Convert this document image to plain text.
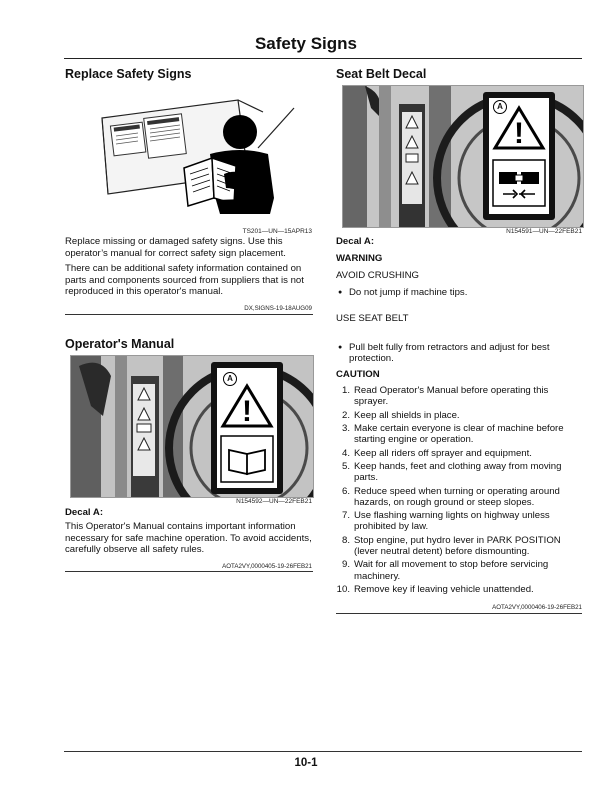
Safety Signs
Replace Safety Signs
TS201—UN—15APR13
Replace missing or damaged safety signs. Use this operator’s manual for correct safety sign placement.
There can be additional safety information contained on parts and components sourced from suppliers that is not reproduced in this operator's manual.
DX,SIGNS-19-18AUG09
Operator's Manual
!
A
N154592—UN—22FEB21
Decal A:
This Operator's Manual contains important information necessary for safe machine operation. To avoid accidents, carefully observe all safety rules.
AOTA2VY,0000405-19-26FEB21
Seat Belt Decal
!
A
N154591—UN—22FEB21
Decal A:
WARNING
AVOID CRUSHING
● Do not jump if machine tips.
USE SEAT BELT
● Pull belt fully from retractors and adjust for best protection.
CAUTION
1. Read Operator's Manual before operating this sprayer.
2. Keep all shields in place.
3. Make certain everyone is clear of machine before starting engine or operation.
4. Keep all riders off sprayer and equipment.
5. Keep hands, feet and clothing away from moving parts.
6. Reduce speed when turning or operating around hazards, on rough ground or steep slopes.
7. Use flashing warning lights on highway unless prohibited by law.
8. Stop engine, put hydro lever in PARK POSITION (lever neutral detent) before dismounting.
9. Wait for all movement to stop before servicing machinery.
10. Remove key if leaving vehicle unattended.
AOTA2VY,0000406-19-26FEB21
10-1
